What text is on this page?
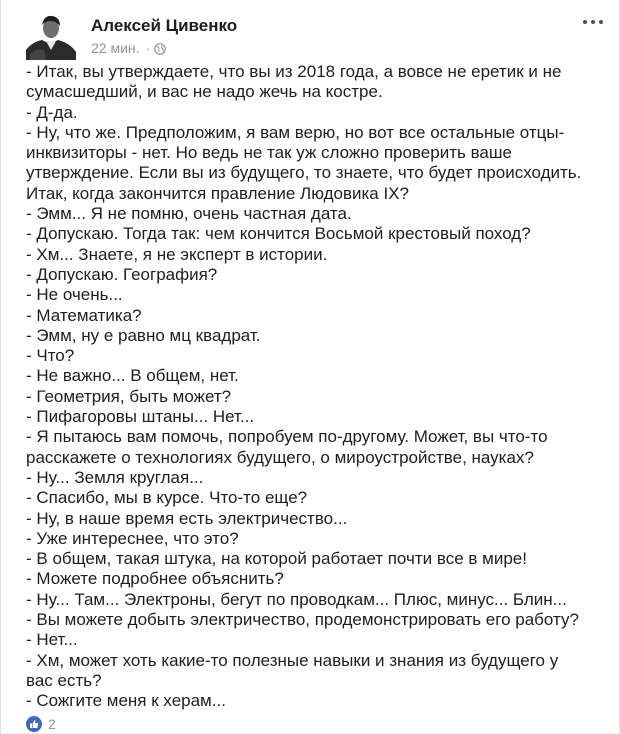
Алексей Цивенко
22 мин. ·
- Итак, вы утверждаете, что вы из 2018 года, а вовсе не еретик и не
сумасшедший, и вас не надо жечь на костре.
- Д-да.
- Ну, что же. Предположим, я вам верю, но вот все остальные отцы-
инквизиторы - нет. Но ведь не так уж сложно проверить ваше
утверждение. Если вы из будущего, то знаете, что будет происходить.
Итак, когда закончится правление Людовика IX?
- Эмм... Я не помню, очень частная дата.
- Допускаю. Тогда так: чем кончится Восьмой крестовый поход?
- Хм... Знаете, я не эксперт в истории.
- Допускаю. География?
- Не очень...
- Математика?
- Эмм, ну е равно мц квадрат.
- Что?
- Не важно... В общем, нет.
- Геометрия, быть может?
- Пифагоровы штаны... Нет...
- Я пытаюсь вам помочь, попробуем по-другому. Может, вы что-то
расскажете о технологиях будущего, о мироустройстве, науках?
- Ну... Земля круглая...
- Спасибо, мы в курсе. Что-то еще?
- Ну, в наше время есть электричество...
- Уже интереснее, что это?
- В общем, такая штука, на которой работает почти все в мире!
- Можете подробнее объяснить?
- Ну... Там... Электроны, бегут по проводкам... Плюс, минус... Блин...
- Вы можете добыть электричество, продемонстрировать его работу?
- Нет...
- Хм, может хоть какие-то полезные навыки и знания из будущего у
вас есть?
- Сожгите меня к херам...
2
